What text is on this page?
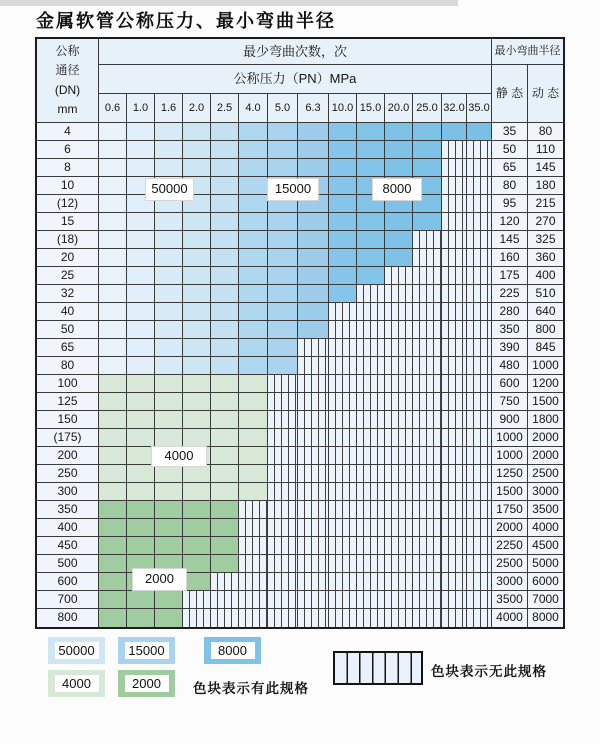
金属软管公称压力、最小弯曲半径
公称
通径
(DN)
mm
最少弯曲次数，次
公称压力（PN）MPa
0.6	1.0	1.6	2.0	2.5	4.0	5.0	6.3	10.0 15.0 20.0 25.0 32.0 35.0
最小弯曲半径
静 态 动 态
4	35	80
6	50	110
8	65	145
10	80	180
(12)	95	215
15	120	270
(18)	145	325
20	160	360
25	175	400
32	225	510
40	280	640
50	350	800
65	390	845
80	480	1000
100	600	1200
125	750	1500
150	900	1800
(175)	1000 2000
200	1000 2000
250	1250 2500
300	1500 3000
350	1750 3500
400	2000 4000
450	2250 4500
500	2500 5000
600	3000 6000
700	3500 7000
800	4000 8000
50000	15000	8000
4000
2000
50000	15000	8000
4000	2000	色块表示有此规格
色块表示无此规格
